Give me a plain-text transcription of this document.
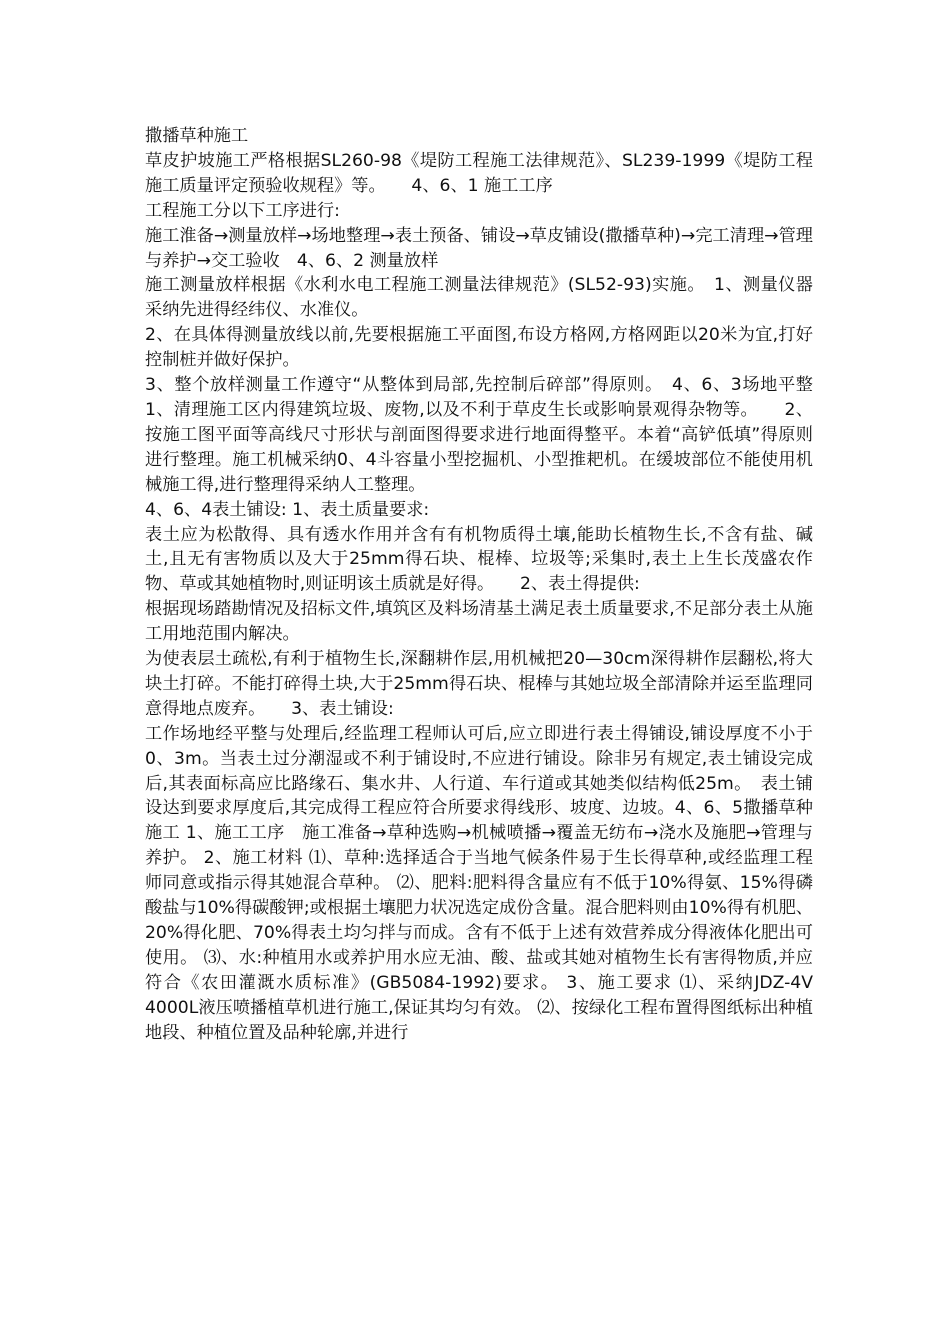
撒播草种施工

草皮护坡施工严格根据SL260-98《堤防工程施工法律规范》、SL239-1999《堤防工程施工质量评定预验收规程》等。　　4、6、1 施工工序

工程施工分以下工序进行:

施工淮备→测量放样→场地整理→表土预备、铺设→草皮铺设(撒播草种)→完工清理→管理与养护→交工验收　4、6、2 测量放样

施工测量放样根据《水利水电工程施工测量法律规范》(SL52-93)实施。　1、测量仪器采纳先进得经纬仪、水准仪。

2、在具体得测量放线以前,先要根据施工平面图,布设方格网,方格网距以20米为宜,打好控制桩并做好保护。

3、整个放样测量工作遵守“从整体到局部,先控制后碎部”得原则。　4、6、3场地平整　　1、清理施工区内得建筑垃圾、废物,以及不利于草皮生长或影响景观得杂物等。　　2、按施工图平面等高线尺寸形状与剖面图得要求进行地面得整平。本着“高铲低填”得原则进行整理。施工机械采纳0、4斗容量小型挖掘机、小型推耙机。在缓坡部位不能使用机械施工得,进行整理得采纳人工整理。

4、6、4表土铺设: 1、表土质量要求:

表土应为松散得、具有透水作用并含有有机物质得土壤,能助长植物生长,不含有盐、碱土,且无有害物质以及大于25mm得石块、棍棒、垃圾等;采集时,表土上生长茂盛农作物、草或其她植物时,则证明该土质就是好得。　　2、表土得提供:

根据现场踏勘情况及招标文件,填筑区及料场清基土满足表土质量要求,不足部分表土从施工用地范围内解决。

为使表层土疏松,有利于植物生长,深翻耕作层,用机械把20—30cm深得耕作层翻松,将大块土打碎。不能打碎得土块,大于25mm得石块、棍棒与其她垃圾全部清除并运至监理同意得地点废弃。　　3、表土铺设:

工作场地经平整与处理后,经监理工程师认可后,应立即进行表土得铺设,铺设厚度不小于0、3m。当表土过分潮湿或不利于铺设时,不应进行铺设。除非另有规定,表土铺设完成后,其表面标高应比路缘石、集水井、人行道、车行道或其她类似结构低25m。　表土铺设达到要求厚度后,其完成得工程应符合所要求得线形、坡度、边坡。4、6、5撒播草种施工 1、施工工序　施工准备→草种选购→机械喷播→覆盖无纺布→浇水及施肥→管理与养护。 2、施工材料 ⑴、草种:选择适合于当地气候条件易于生长得草种,或经监理工程师同意或指示得其她混合草种。 ⑵、肥料:肥料得含量应有不低于10%得氨、15%得磷酸盐与10%得碳酸钾;或根据土壤肥力状况选定成份含量。混合肥料则由10%得有机肥、20%得化肥、70%得表土均匀拌与而成。含有不低于上述有效营养成分得液体化肥出可使用。 ⑶、水:种植用水或养护用水应无油、酸、盐或其她对植物生长有害得物质,并应符合《农田灌溉水质标准》(GB5084-1992)要求。 3、施工要求 ⑴、采纳JDZ-4V 4000L液压喷播植草机进行施工,保证其均匀有效。 ⑵、按绿化工程布置得图纸标出种植地段、种植位置及品种轮廓,并进行
